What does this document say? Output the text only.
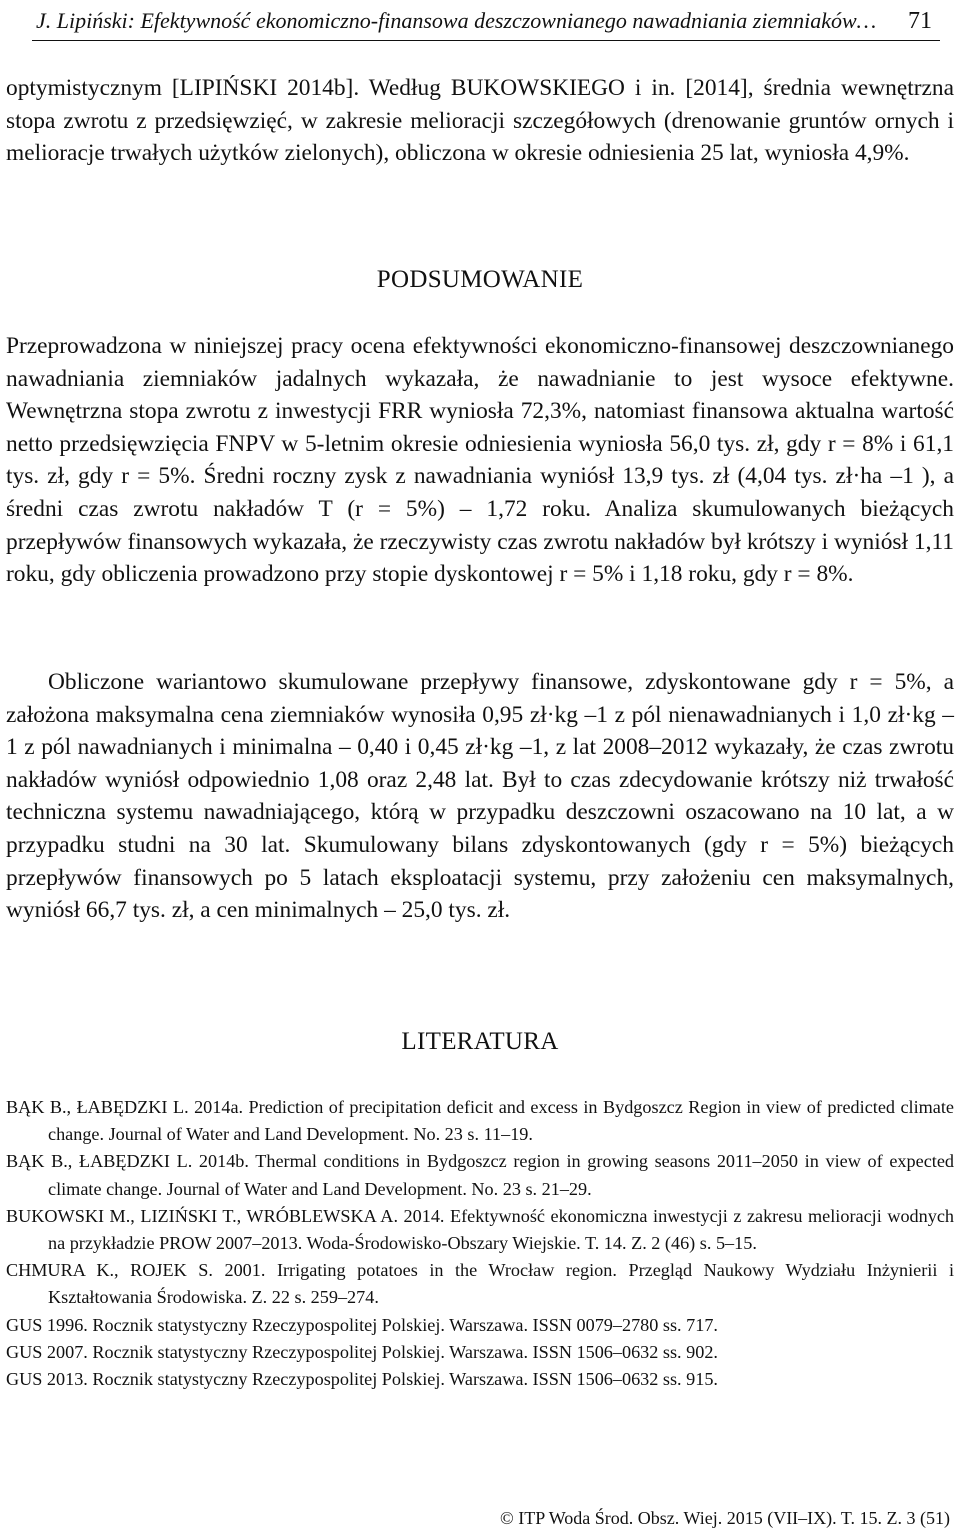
J. Lipiński: Efektywność ekonomiczno-finansowa deszczownianego nawadniania ziemniaków… 71

optymistycznym [LIPIŃSKI 2014b]. Według BUKOWSKIEGO i in. [2014], średnia wewnętrzna stopa zwrotu z przedsięwzięć, w zakresie melioracji szczegółowych (drenowanie gruntów ornych i melioracje trwałych użytków zielonych), obliczona w okresie odniesienia 25 lat, wyniosła 4,9%.

PODSUMOWANIE

Przeprowadzona w niniejszej pracy ocena efektywności ekonomiczno-finansowej deszczownianego nawadniania ziemniaków jadalnych wykazała, że nawadnianie to jest wysoce efektywne. Wewnętrzna stopa zwrotu z inwestycji FRR wyniosła 72,3%, natomiast finansowa aktualna wartość netto przedsięwzięcia FNPV w 5-letnim okresie odniesienia wyniosła 56,0 tys. zł, gdy r = 8% i 61,1 tys. zł, gdy r = 5%. Średni roczny zysk z nawadniania wyniósł 13,9 tys. zł (4,04 tys. zł·ha –1 ), a średni czas zwrotu nakładów T (r = 5%) – 1,72 roku. Analiza skumulowanych bieżących przepływów finansowych wykazała, że rzeczywisty czas zwrotu nakładów był krótszy i wyniósł 1,11 roku, gdy obliczenia prowadzono przy stopie dyskontowej r = 5% i 1,18 roku, gdy r = 8%.

Obliczone wariantowo skumulowane przepływy finansowe, zdyskontowane gdy r = 5%, a założona maksymalna cena ziemniaków wynosiła 0,95 zł·kg –1 z pól nienawadnianych i 1,0 zł·kg –1 z pól nawadnianych i minimalna – 0,40 i 0,45 zł·kg –1, z lat 2008–2012 wykazały, że czas zwrotu nakładów wyniósł odpowiednio 1,08 oraz 2,48 lat. Był to czas zdecydowanie krótszy niż trwałość techniczna systemu nawadniającego, którą w przypadku deszczowni oszacowano na 10 lat, a w przypadku studni na 30 lat. Skumulowany bilans zdyskontowanych (gdy r = 5%) bieżących przepływów finansowych po 5 latach eksploatacji systemu, przy założeniu cen maksymalnych, wyniósł 66,7 tys. zł, a cen minimalnych – 25,0 tys. zł.

LITERATURA
BĄK B., ŁABĘDZKI L. 2014a. Prediction of precipitation deficit and excess in Bydgoszcz Region in view of predicted climate change. Journal of Water and Land Development. No. 23 s. 11–19.
BĄK B., ŁABĘDZKI L. 2014b. Thermal conditions in Bydgoszcz region in growing seasons 2011–2050 in view of expected climate change. Journal of Water and Land Development. No. 23 s. 21–29.
BUKOWSKI M., LIZIŃSKI T., WRÓBLEWSKA A. 2014. Efektywność ekonomiczna inwestycji z zakresu melioracji wodnych na przykładzie PROW 2007–2013. Woda-Środowisko-Obszary Wiejskie. T. 14. Z. 2 (46) s. 5–15.
CHMURA K., ROJEK S. 2001. Irrigating potatoes in the Wrocław region. Przegląd Naukowy Wydziału Inżynierii i Kształtowania Środowiska. Z. 22 s. 259–274.
GUS 1996. Rocznik statystyczny Rzeczypospolitej Polskiej. Warszawa. ISSN 0079–2780 ss. 717.
GUS 2007. Rocznik statystyczny Rzeczypospolitej Polskiej. Warszawa. ISSN 1506–0632 ss. 902.
GUS 2013. Rocznik statystyczny Rzeczypospolitej Polskiej. Warszawa. ISSN 1506–0632 ss. 915.
© ITP Woda Środ. Obsz. Wiej. 2015 (VII–IX). T. 15. Z. 3 (51)
